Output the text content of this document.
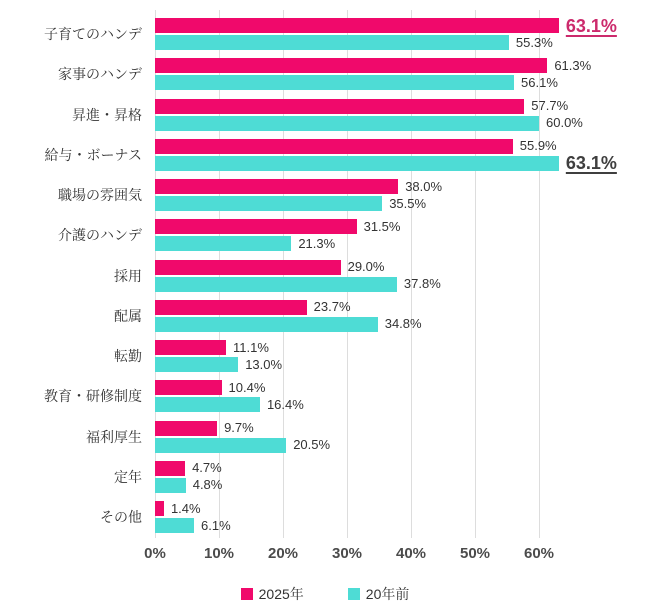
子育てのハンデ
家事のハンデ
昇進・昇格
給与・ボーナス
職場の雰囲気
介護のハンデ
採用
配属
転勤
教育・研修制度
福利厚生
定年
その他
63.1%
55.3%
61.3%
56.1%
57.7%
60.0%
55.9%
63.1%
38.0%
35.5%
31.5%
21.3%
29.0%
37.8%
23.7%
34.8%
11.1%
13.0%
10.4%
16.4%
9.7%
20.5%
4.7%
4.8%
1.4%
6.1%
0%	10% 20% 30% 40% 50% 60%
2025年	20年前
